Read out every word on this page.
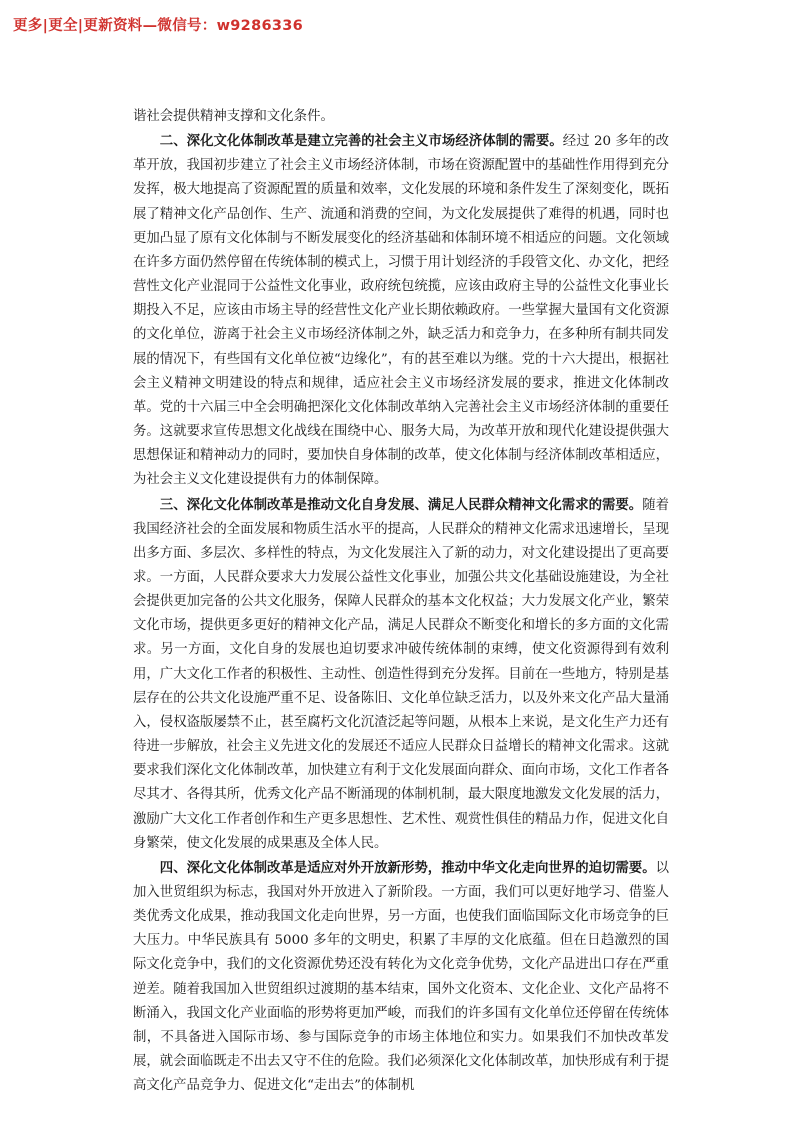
更多|更全|更新资料—微信号：w9286336

谐社会提供精神支撑和文化条件。

二、深化文化体制改革是建立完善的社会主义市场经济体制的需要。经过 20 多年的改革开放，我国初步建立了社会主义市场经济体制，市场在资源配置中的基础性作用得到充分发挥，极大地提高了资源配置的质量和效率，文化发展的环境和条件发生了深刻变化，既拓展了精神文化产品创作、生产、流通和消费的空间，为文化发展提供了难得的机遇，同时也更加凸显了原有文化体制与不断发展变化的经济基础和体制环境不相适应的问题。文化领域在许多方面仍然停留在传统体制的模式上，习惯于用计划经济的手段管文化、办文化，把经营性文化产业混同于公益性文化事业，政府统包统揽，应该由政府主导的公益性文化事业长期投入不足，应该由市场主导的经营性文化产业长期依赖政府。一些掌握大量国有文化资源的文化单位，游离于社会主义市场经济体制之外，缺乏活力和竞争力，在多种所有制共同发展的情况下，有些国有文化单位被“边缘化”，有的甚至难以为继。党的十六大提出，根据社会主义精神文明建设的特点和规律，适应社会主义市场经济发展的要求，推进文化体制改革。党的十六届三中全会明确把深化文化体制改革纳入完善社会主义市场经济体制的重要任务。这就要求宣传思想文化战线在围绕中心、服务大局，为改革开放和现代化建设提供强大思想保证和精神动力的同时，要加快自身体制的改革，使文化体制与经济体制改革相适应，为社会主义文化建设提供有力的体制保障。

三、深化文化体制改革是推动文化自身发展、满足人民群众精神文化需求的需要。随着我国经济社会的全面发展和物质生活水平的提高，人民群众的精神文化需求迅速增长，呈现出多方面、多层次、多样性的特点，为文化发展注入了新的动力，对文化建设提出了更高要求。一方面，人民群众要求大力发展公益性文化事业，加强公共文化基础设施建设，为全社会提供更加完备的公共文化服务，保障人民群众的基本文化权益；大力发展文化产业，繁荣文化市场，提供更多更好的精神文化产品，满足人民群众不断变化和增长的多方面的文化需求。另一方面，文化自身的发展也迫切要求冲破传统体制的束缚，使文化资源得到有效利用，广大文化工作者的积极性、主动性、创造性得到充分发挥。目前在一些地方，特别是基层存在的公共文化设施严重不足、设备陈旧、文化单位缺乏活力，以及外来文化产品大量涌入，侵权盗版屡禁不止，甚至腐朽文化沉渣泛起等问题，从根本上来说，是文化生产力还有待进一步解放，社会主义先进文化的发展还不适应人民群众日益增长的精神文化需求。这就要求我们深化文化体制改革，加快建立有利于文化发展面向群众、面向市场，文化工作者各尽其才、各得其所，优秀文化产品不断涌现的体制机制，最大限度地激发文化发展的活力，激励广大文化工作者创作和生产更多思想性、艺术性、观赏性俱佳的精品力作，促进文化自身繁荣，使文化发展的成果惠及全体人民。

四、深化文化体制改革是适应对外开放新形势，推动中华文化走向世界的迫切需要。以加入世贸组织为标志，我国对外开放进入了新阶段。一方面，我们可以更好地学习、借鉴人类优秀文化成果，推动我国文化走向世界，另一方面，也使我们面临国际文化市场竞争的巨大压力。中华民族具有 5000 多年的文明史，积累了丰厚的文化底蕴。但在日趋激烈的国际文化竞争中，我们的文化资源优势还没有转化为文化竞争优势，文化产品进出口存在严重逆差。随着我国加入世贸组织过渡期的基本结束，国外文化资本、文化企业、文化产品将不断涌入，我国文化产业面临的形势将更加严峻，而我们的许多国有文化单位还停留在传统体制，不具备进入国际市场、参与国际竞争的市场主体地位和实力。如果我们不加快改革发展，就会面临既走不出去又守不住的危险。我们必须深化文化体制改革，加快形成有利于提高文化产品竞争力、促进文化“走出去”的体制机
